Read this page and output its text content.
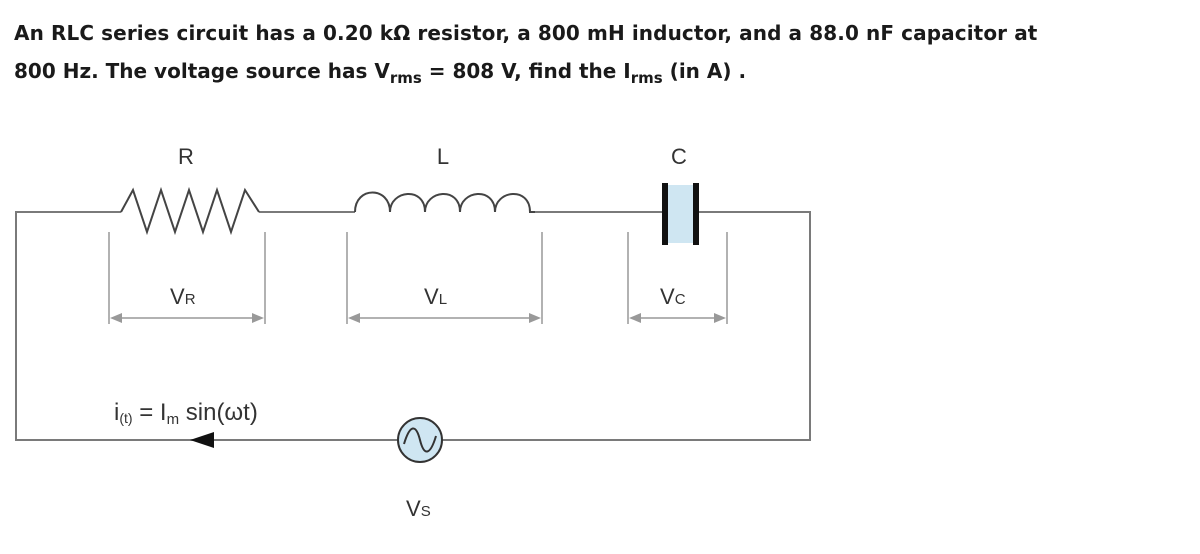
An RLC series circuit has a 0.20 kΩ resistor, a 800 mH inductor, and a 88.0 nF capacitor at
800 Hz. The voltage source has $V_{rms} = 808$ V, find the $I_{rms}$ (in A) .
R	L	C
VR	VL	VC
VS
i(t) = Im sin(ωt)
